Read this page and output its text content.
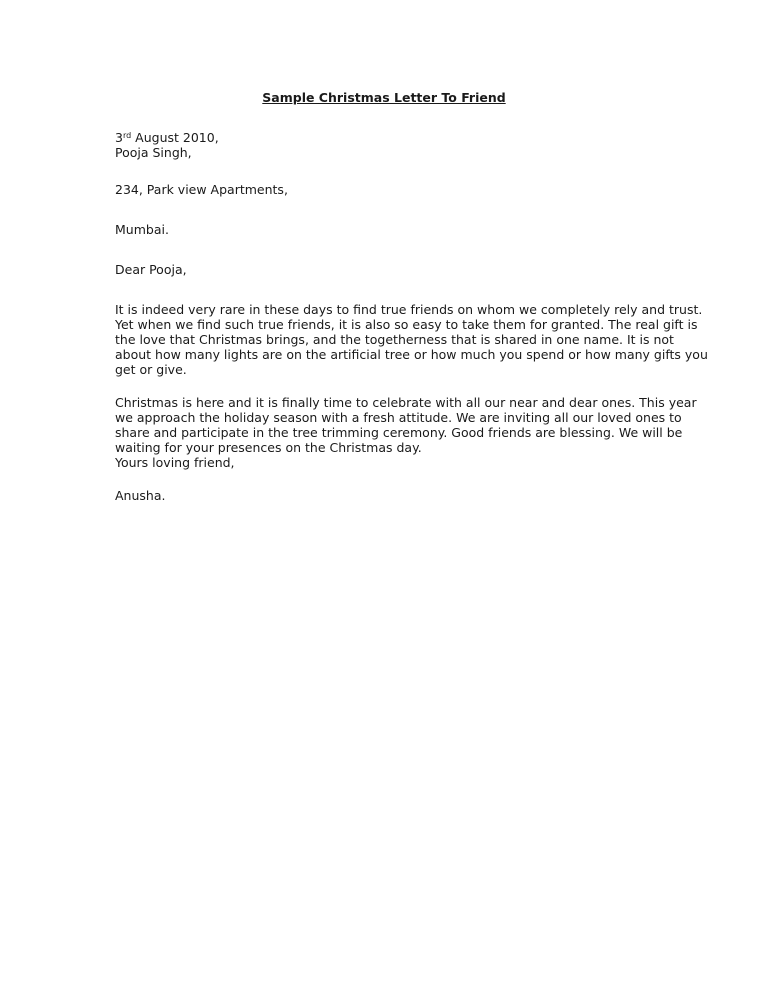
Sample Christmas Letter To Friend
3rd August 2010,
Pooja Singh,
234, Park view Apartments,
Mumbai.
Dear Pooja,
It is indeed very rare in these days to find true friends on whom we completely rely and trust.
Yet when we find such true friends, it is also so easy to take them for granted. The real gift is
the love that Christmas brings, and the togetherness that is shared in one name. It is not
about how many lights are on the artificial tree or how much you spend or how many gifts you
get or give.
Christmas is here and it is finally time to celebrate with all our near and dear ones. This year
we approach the holiday season with a fresh attitude. We are inviting all our loved ones to
share and participate in the tree trimming ceremony. Good friends are blessing. We will be
waiting for your presences on the Christmas day.
Yours loving friend,
Anusha.
